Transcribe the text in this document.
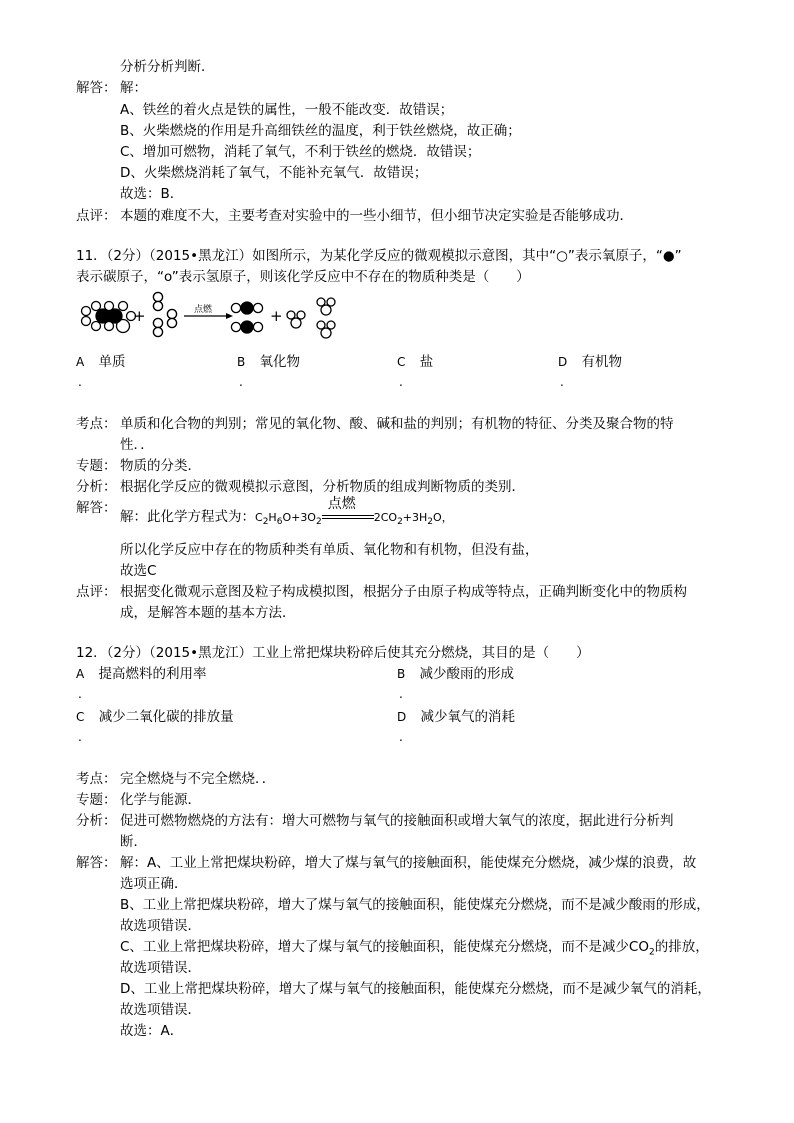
分析分析判断．
解答： 解：
A、铁丝的着火点是铁的属性，一般不能改变．故错误；
B、火柴燃烧的作用是升高细铁丝的温度，利于铁丝燃烧，故正确；
C、增加可燃物，消耗了氧气，不利于铁丝的燃烧．故错误；
D、火柴燃烧消耗了氧气，不能补充氧气．故错误；
故选：B．
点评： 本题的难度不大，主要考查对实验中的一些小细节，但小细节决定实验是否能够成功．
11．（2分）（2015•黑龙江）如图所示，为某化学反应的微观模拟示意图，其中“○”表示氧原子，“●”
表示碳原子，“o”表示氢原子，则该化学反应中不存在的物质种类是（　　）
+	点燃	+
A 单质
.
B 氧化物
.
C 盐
.
D 有机物
.
考点： 单质和化合物的判别；常见的氧化物、酸、碱和盐的判别；有机物的特征、分类及聚合物的特
性．．
专题： 物质的分类．
分析： 根据化学反应的微观模拟示意图，分析物质的组成判断物质的类别．
解答：
解：此化学方程式为：$C_2H_6O+3O_2$
点燃
$2CO_2+3H_2O$，
所以化学反应中存在的物质种类有单质、氧化物和有机物，但没有盐，
故选C
点评： 根据变化微观示意图及粒子构成模拟图，根据分子由原子构成等特点，正确判断变化中的物质构
成，是解答本题的基本方法．
12．（2分）（2015•黑龙江）工业上常把煤块粉碎后使其充分燃烧，其目的是（　　）
A 提高燃料的利用率
.
B 减少酸雨的形成
.
C 减少二氧化碳的排放量
.
D 减少氧气的消耗
.
考点： 完全燃烧与不完全燃烧．．
专题： 化学与能源．
分析： 促进可燃物燃烧的方法有：增大可燃物与氧气的接触面积或增大氧气的浓度，据此进行分析判
断．
解答： 解：A、工业上常把煤块粉碎，增大了煤与氧气的接触面积，能使煤充分燃烧，减少煤的浪费，故
选项正确．
B、工业上常把煤块粉碎，增大了煤与氧气的接触面积，能使煤充分燃烧，而不是减少酸雨的形成，
故选项错误．
C、工业上常把煤块粉碎，增大了煤与氧气的接触面积，能使煤充分燃烧，而不是减少$CO_2$的排放，
故选项错误．
D、工业上常把煤块粉碎，增大了煤与氧气的接触面积，能使煤充分燃烧，而不是减少氧气的消耗，
故选项错误．
故选：A．
